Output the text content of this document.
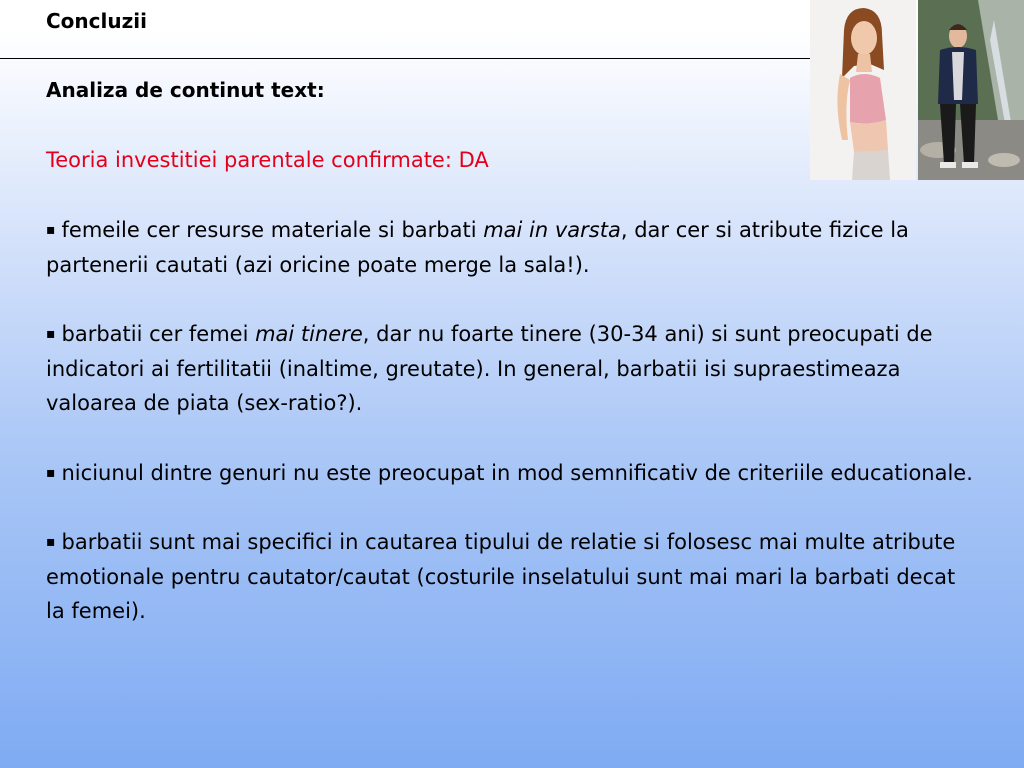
Concluzii

Analiza de continut text:

Teoria investitiei parentale confirmate: DA

▪ femeile cer resurse materiale si barbati mai in varsta, dar cer si atribute fizice la partenerii cautati (azi oricine poate merge la sala!).

▪ barbatii cer femei mai tinere, dar nu foarte tinere (30-34 ani) si sunt preocupati de indicatori ai fertilitatii (inaltime, greutate). In general, barbatii isi supraestimeaza valoarea de piata (sex-ratio?).

▪ niciunul dintre genuri nu este preocupat in mod semnificativ de criteriile educationale.

▪ barbatii sunt mai specifici in cautarea tipului de relatie si folosesc mai multe atribute emotionale pentru cautator/cautat (costurile inselatului sunt mai mari la barbati decat la femei).
